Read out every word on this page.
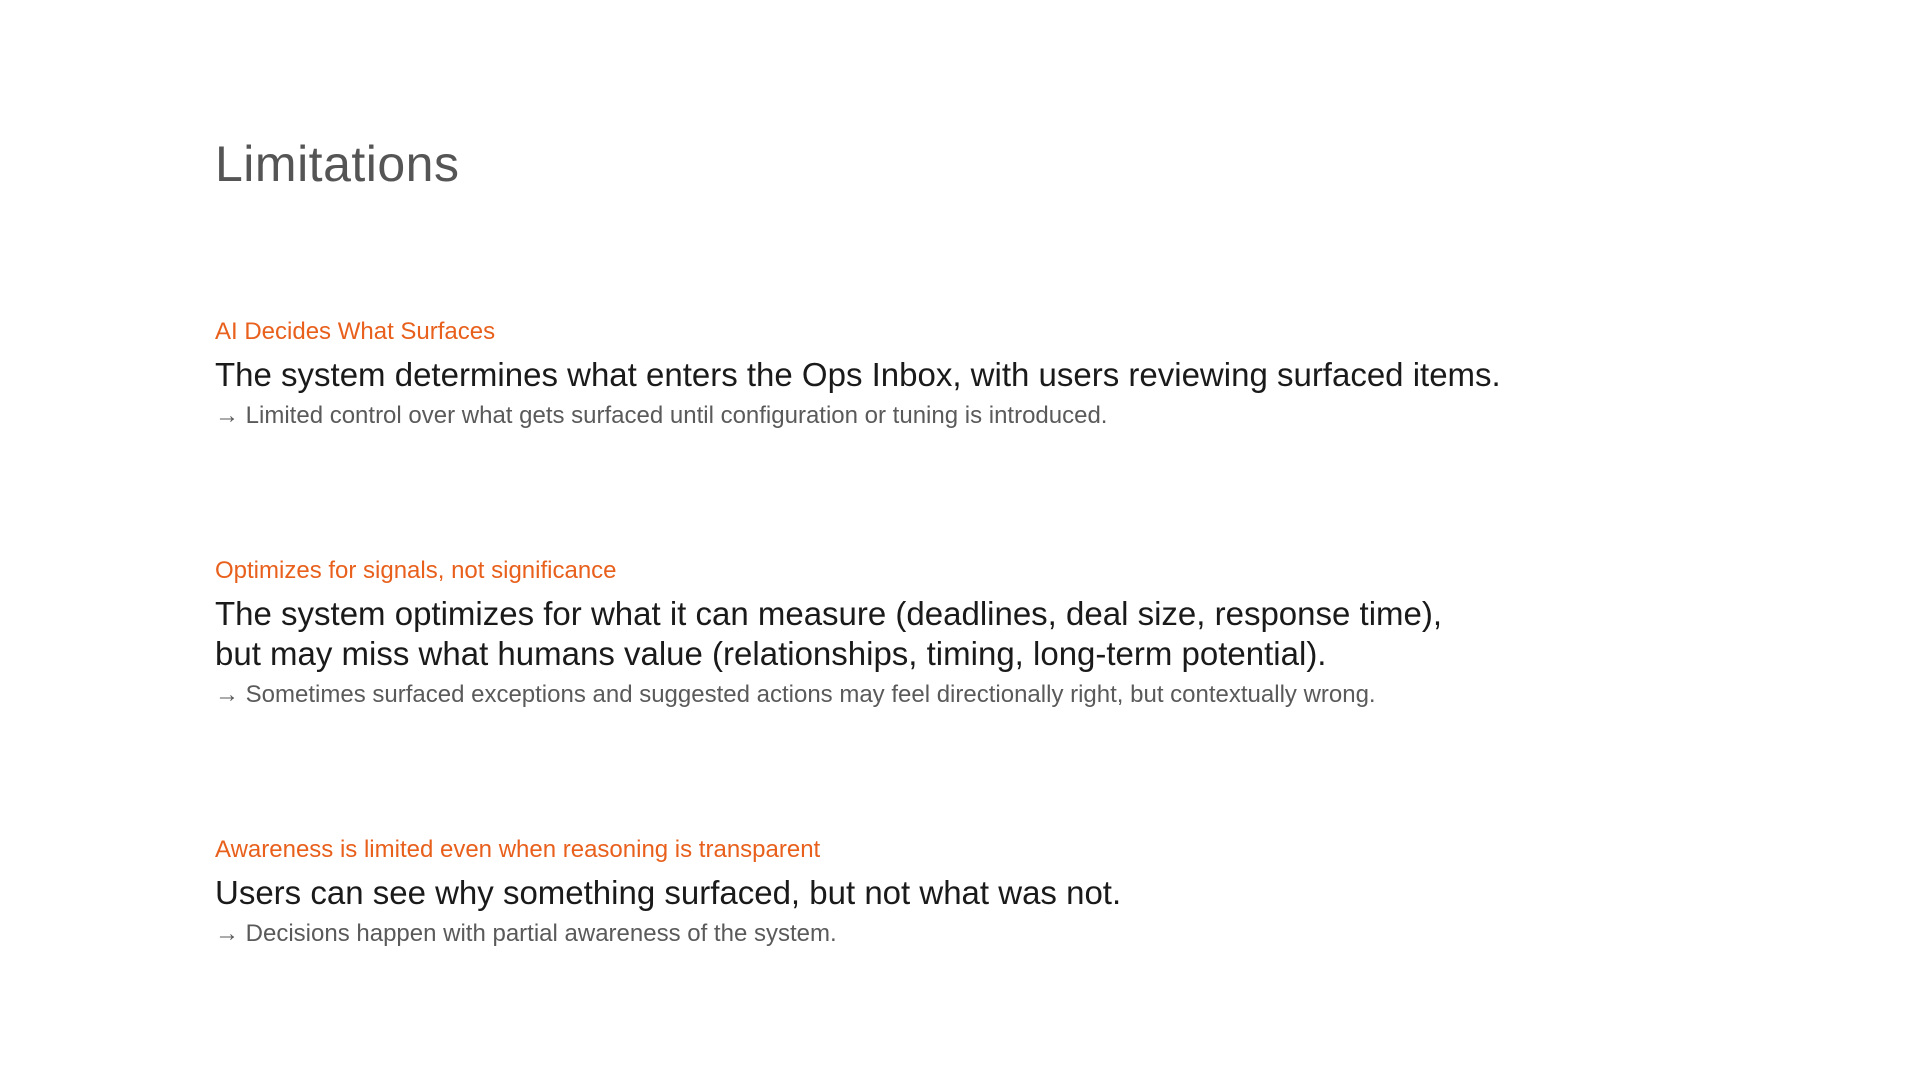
Limitations

AI Decides What Surfaces

The system determines what enters the Ops Inbox, with users reviewing surfaced items.

→ Limited control over what gets surfaced until configuration or tuning is introduced.

Optimizes for signals, not significance

The system optimizes for what it can measure (deadlines, deal size, response time),
but may miss what humans value (relationships, timing, long-term potential).

→ Sometimes surfaced exceptions and suggested actions may feel directionally right, but contextually wrong.

Awareness is limited even when reasoning is transparent

Users can see why something surfaced, but not what was not.

→ Decisions happen with partial awareness of the system.
